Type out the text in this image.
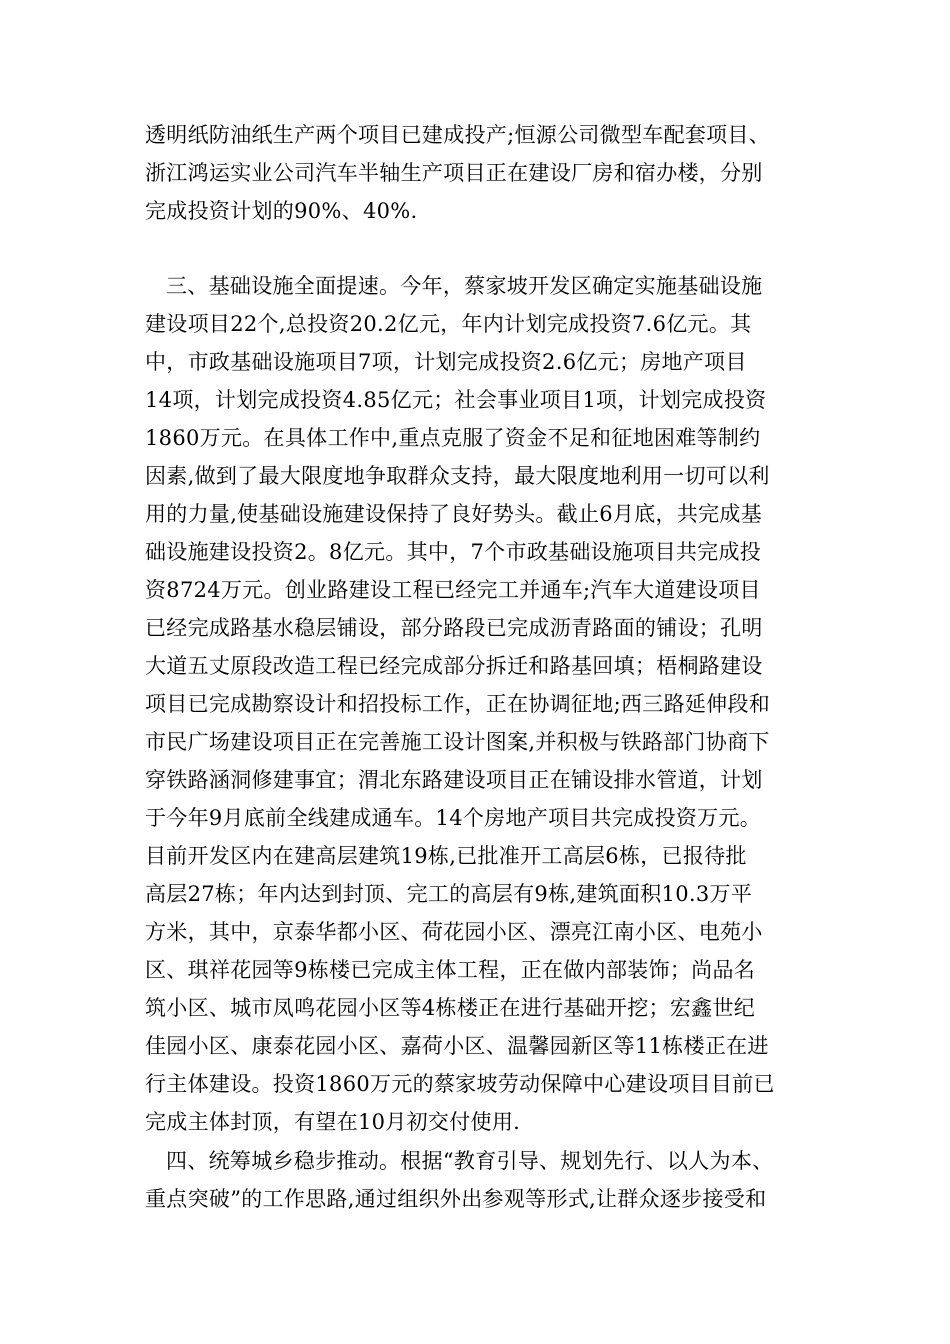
透明纸防油纸生产两个项目已建成投产;恒源公司微型车配套项目、
浙江鸿运实业公司汽车半轴生产项目正在建设厂房和宿办楼，分别
完成投资计划的90%、40%.
三、基础设施全面提速。今年，蔡家坡开发区确定实施基础设施
建设项目22个,总投资20.2亿元，年内计划完成投资7.6亿元。其
中，市政基础设施项目7项，计划完成投资2.6亿元；房地产项目
14项，计划完成投资4.85亿元；社会事业项目1项，计划完成投资
1860万元。在具体工作中,重点克服了资金不足和征地困难等制约
因素,做到了最大限度地争取群众支持，最大限度地利用一切可以利
用的力量,使基础设施建设保持了良好势头。截止6月底，共完成基
础设施建设投资2。8亿元。其中，7个市政基础设施项目共完成投
资8724万元。创业路建设工程已经完工并通车;汽车大道建设项目
已经完成路基水稳层铺设，部分路段已完成沥青路面的铺设；孔明
大道五丈原段改造工程已经完成部分拆迁和路基回填；梧桐路建设
项目已完成勘察设计和招投标工作，正在协调征地;西三路延伸段和
市民广场建设项目正在完善施工设计图案,并积极与铁路部门协商下
穿铁路涵洞修建事宜；渭北东路建设项目正在铺设排水管道，计划
于今年9月底前全线建成通车。14个房地产项目共完成投资万元。
目前开发区内在建高层建筑19栋,已批准开工高层6栋，已报待批
高层27栋；年内达到封顶、完工的高层有9栋,建筑面积10.3万平
方米，其中，京泰华都小区、荷花园小区、漂亮江南小区、电苑小
区、琪祥花园等9栋楼已完成主体工程，正在做内部装饰；尚品名
筑小区、城市凤鸣花园小区等4栋楼正在进行基础开挖；宏鑫世纪
佳园小区、康泰花园小区、嘉荷小区、温馨园新区等11栋楼正在进
行主体建设。投资1860万元的蔡家坡劳动保障中心建设项目目前已
完成主体封顶，有望在10月初交付使用.
四、统筹城乡稳步推动。根据“教育引导、规划先行、以人为本、
重点突破”的工作思路,通过组织外出参观等形式,让群众逐步接受和
